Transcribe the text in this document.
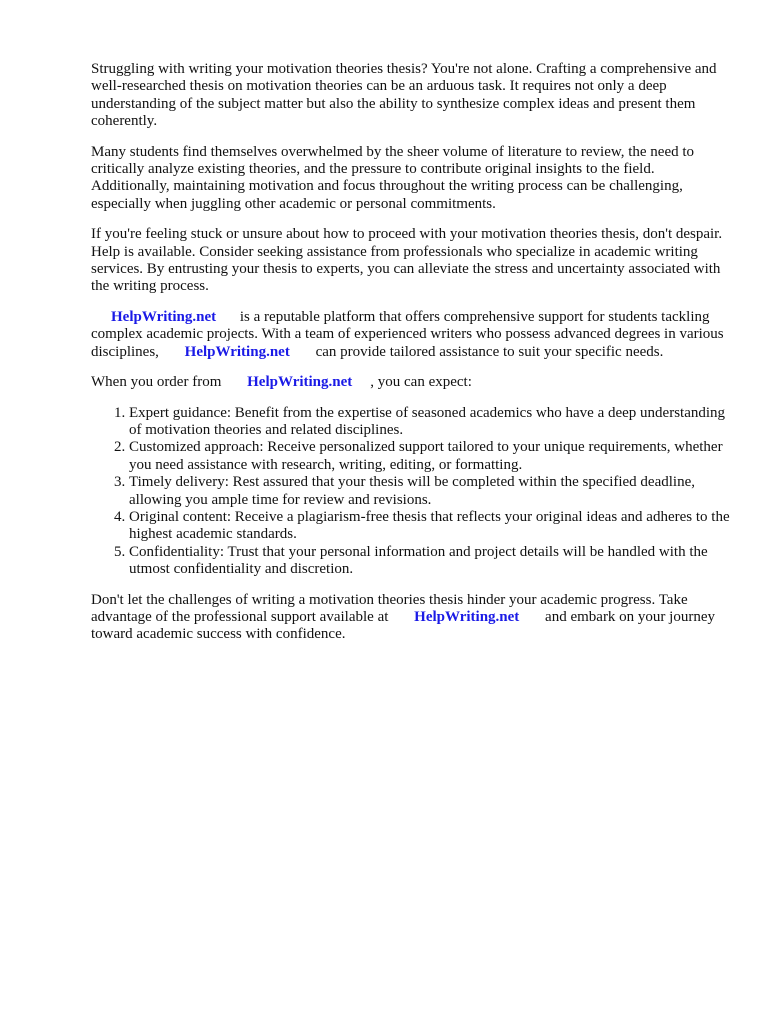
Struggling with writing your motivation theories thesis? You're not alone. Crafting a comprehensive and well-researched thesis on motivation theories can be an arduous task. It requires not only a deep understanding of the subject matter but also the ability to synthesize complex ideas and present them coherently.

Many students find themselves overwhelmed by the sheer volume of literature to review, the need to critically analyze existing theories, and the pressure to contribute original insights to the field. Additionally, maintaining motivation and focus throughout the writing process can be challenging, especially when juggling other academic or personal commitments.

If you're feeling stuck or unsure about how to proceed with your motivation theories thesis, don't despair. Help is available. Consider seeking assistance from professionals who specialize in academic writing services. By entrusting your thesis to experts, you can alleviate the stress and uncertainty associated with the writing process.

HelpWriting.net is a reputable platform that offers comprehensive support for students tackling complex academic projects. With a team of experienced writers who possess advanced degrees in various disciplines, HelpWriting.net can provide tailored assistance to suit your specific needs.

When you order from HelpWriting.net , you can expect:

1. Expert guidance: Benefit from the expertise of seasoned academics who have a deep understanding of motivation theories and related disciplines.
2. Customized approach: Receive personalized support tailored to your unique requirements, whether you need assistance with research, writing, editing, or formatting.
3. Timely delivery: Rest assured that your thesis will be completed within the specified deadline, allowing you ample time for review and revisions.
4. Original content: Receive a plagiarism-free thesis that reflects your original ideas and adheres to the highest academic standards.
5. Confidentiality: Trust that your personal information and project details will be handled with the utmost confidentiality and discretion.

Don't let the challenges of writing a motivation theories thesis hinder your academic progress. Take advantage of the professional support available at HelpWriting.net and embark on your journey toward academic success with confidence.
